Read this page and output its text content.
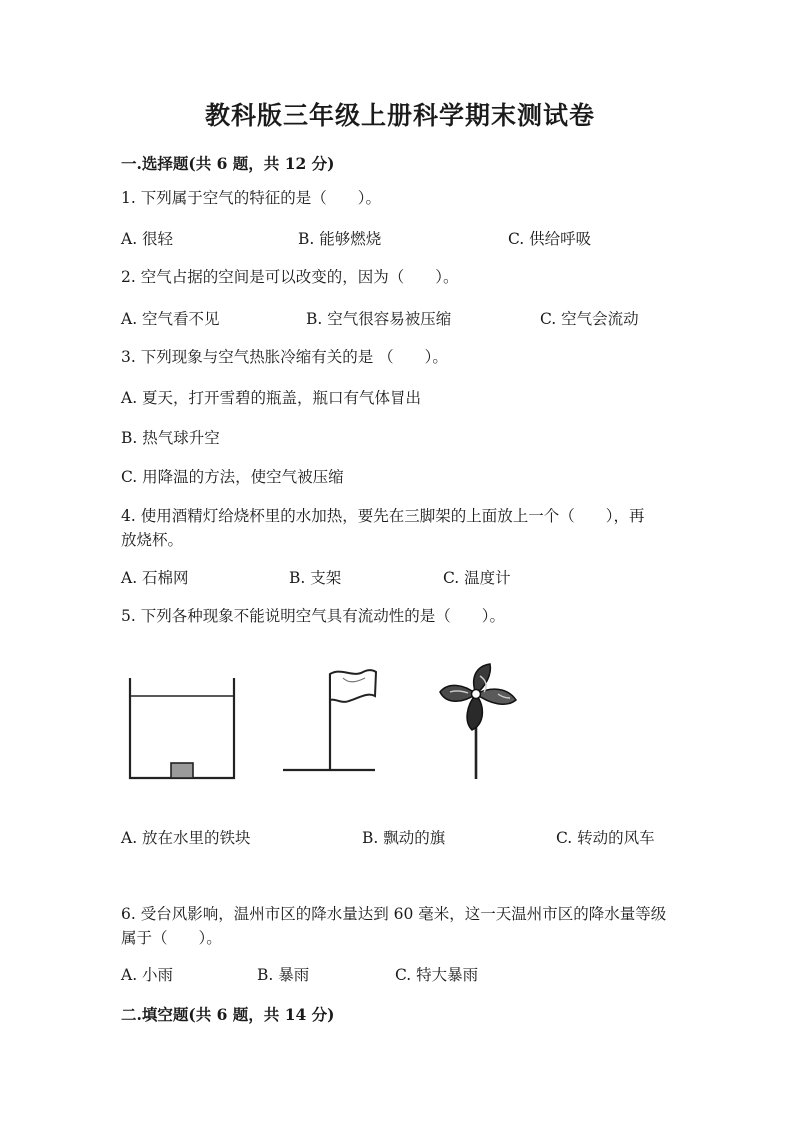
教科版三年级上册科学期末测试卷
一.选择题(共 6 题，共 12 分)
1. 下列属于空气的特征的是（　　）。
A. 很轻	B. 能够燃烧	C. 供给呼吸
2. 空气占据的空间是可以改变的，因为（　　）。
A. 空气看不见	B. 空气很容易被压缩	C. 空气会流动
3. 下列现象与空气热胀冷缩有关的是 （　　）。
A. 夏天，打开雪碧的瓶盖，瓶口有气体冒出
B. 热气球升空
C. 用降温的方法，使空气被压缩
4. 使用酒精灯给烧杯里的水加热，要先在三脚架的上面放上一个（　　），再
放烧杯。
A. 石棉网	B. 支架	C. 温度计
5. 下列各种现象不能说明空气具有流动性的是（　　）。
A. 放在水里的铁块	B. 飘动的旗	C. 转动的风车
6. 受台风影响，温州市区的降水量达到 60 毫米，这一天温州市区的降水量等级
属于（　　）。
A. 小雨	B. 暴雨	C. 特大暴雨
二.填空题(共 6 题，共 14 分)
